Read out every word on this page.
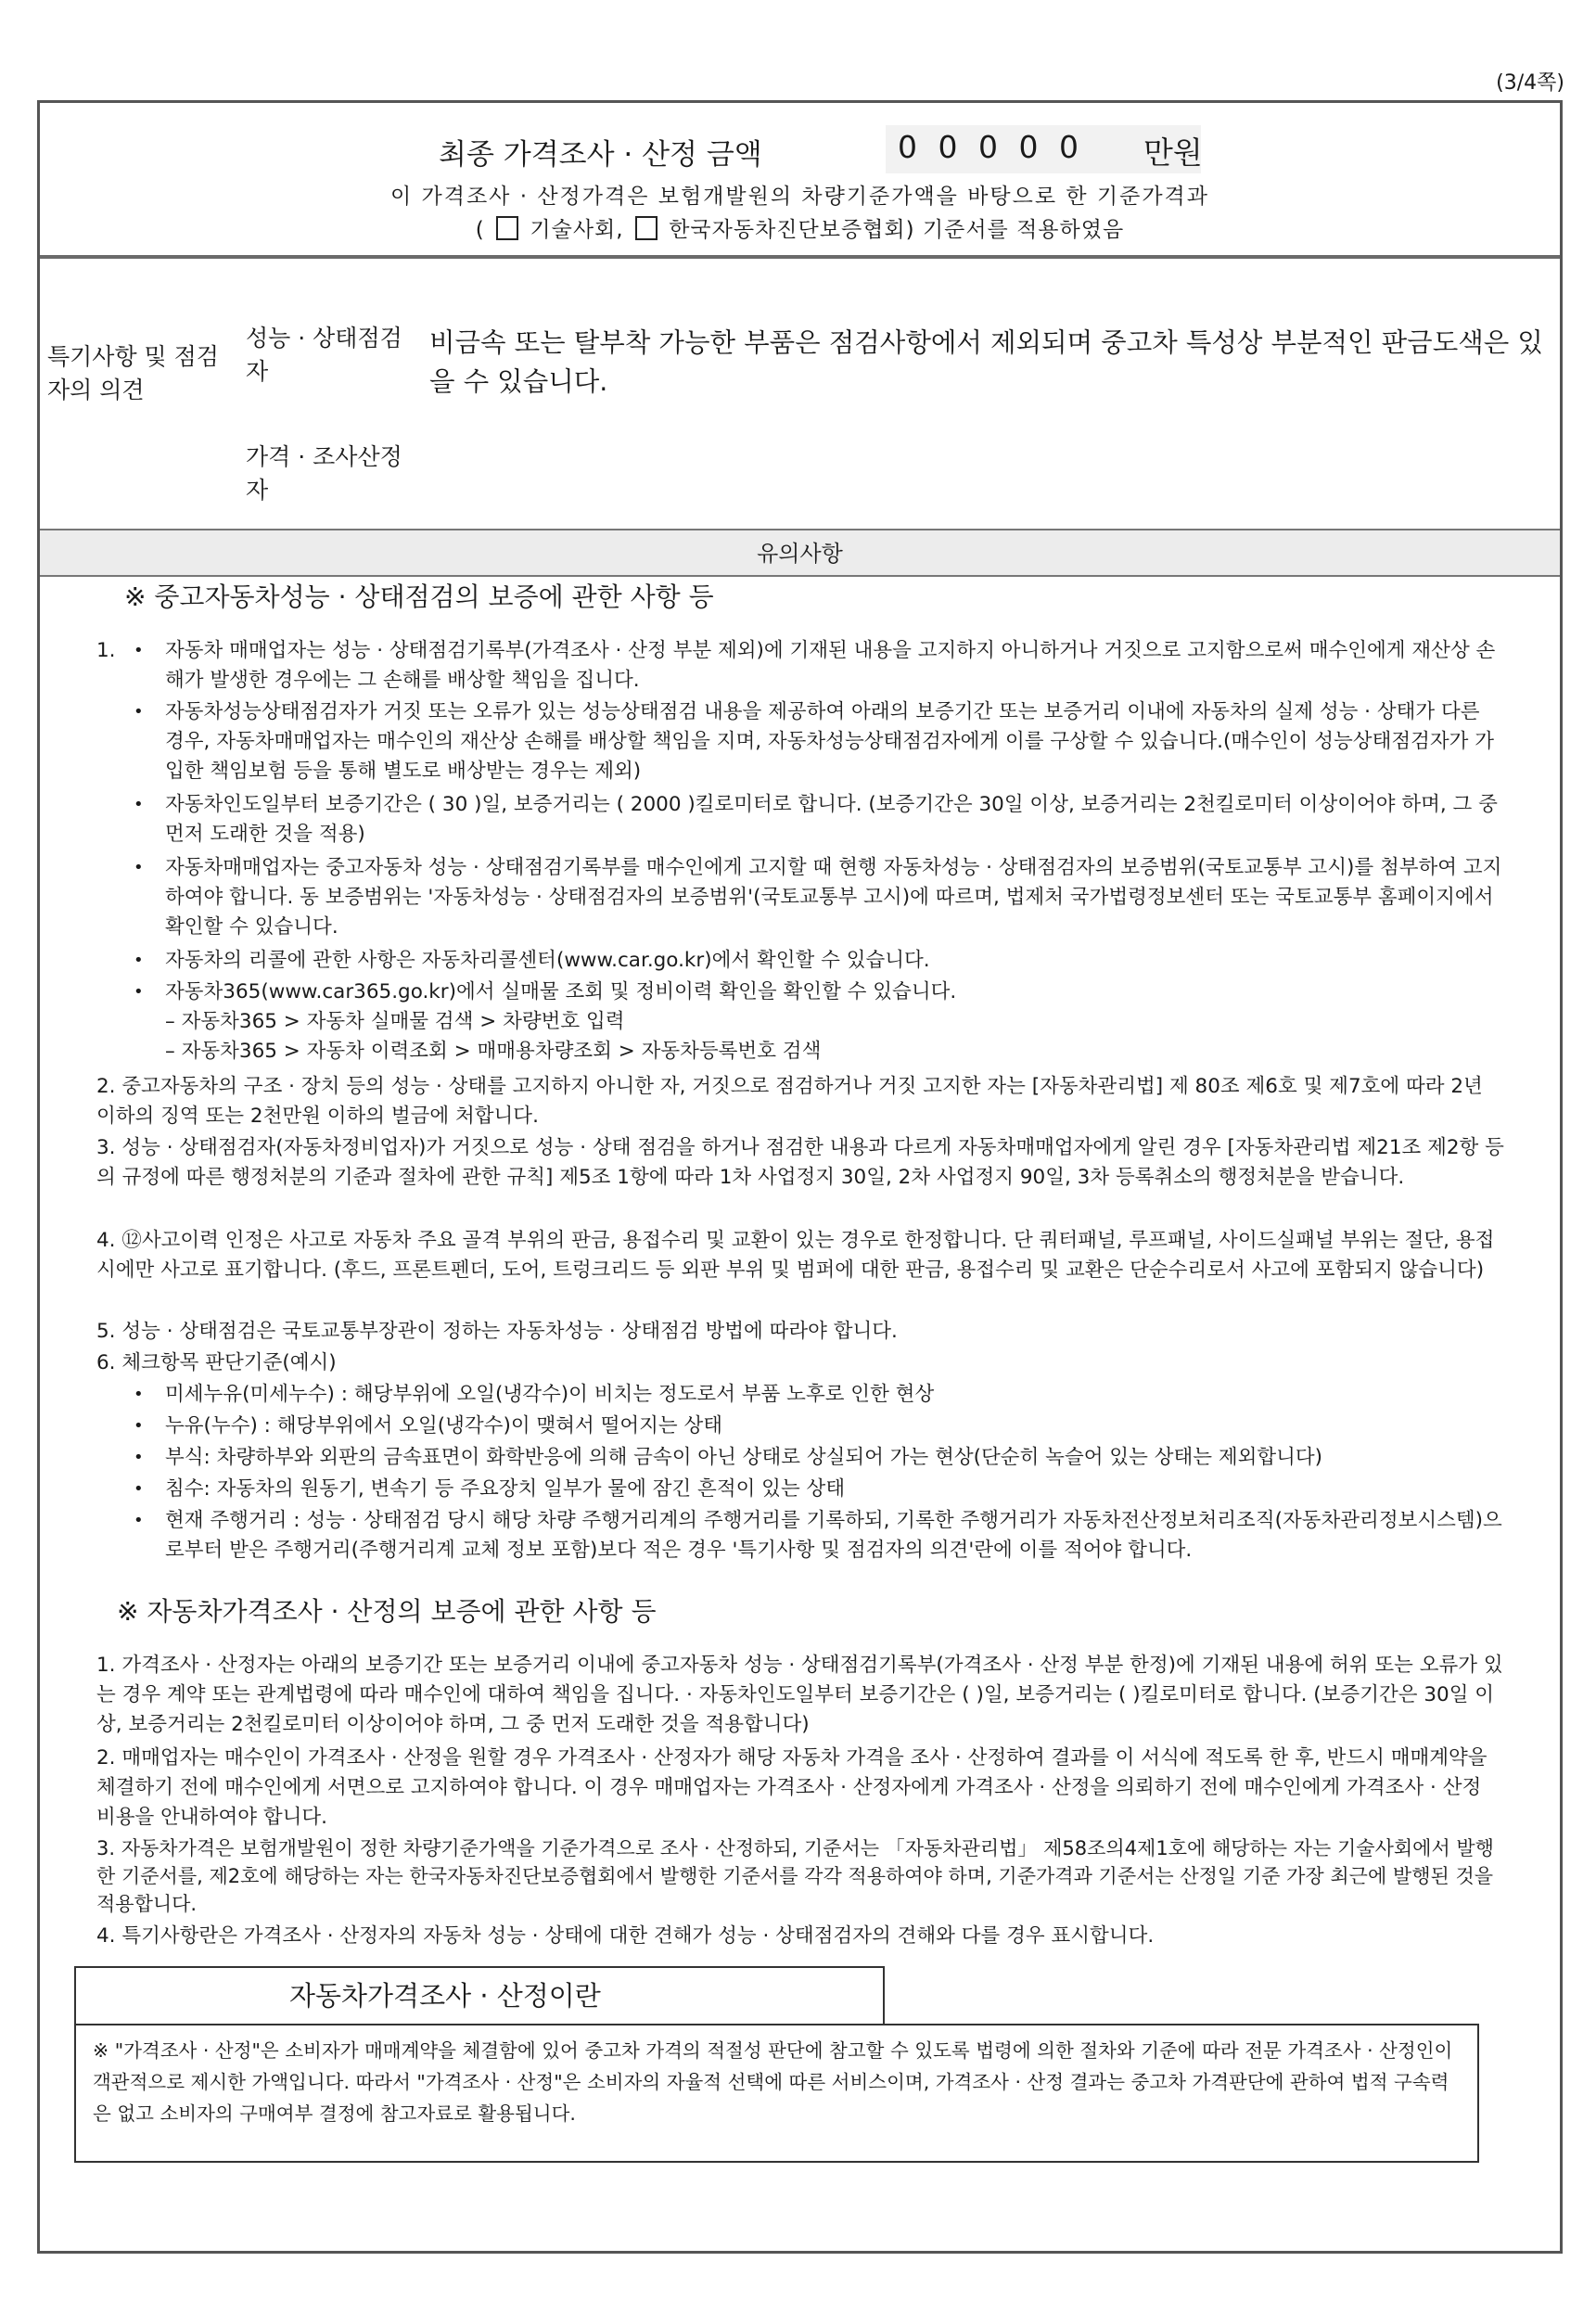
(3/4쪽)
최종 가격조사 · 산정 금액	0 0 0 0 0 만원
이 가격조사 · 산정가격은 보험개발원의 차량기준가액을 바탕으로 한 기준가격과
( 기술사회, 한국자동차진단보증협회) 기준서를 적용하였음
특기사항 및 점검자의 의견
성능 · 상태점검자
비금속 또는 탈부착 가능한 부품은 점검사항에서 제외되며 중고차 특성상 부분적인 판금도색은 있을 수 있습니다.
가격 · 조사산정자
유의사항
※ 중고자동차성능 · 상태점검의 보증에 관한 사항 등
1. • 자동차 매매업자는 성능 · 상태점검기록부(가격조사 · 산정 부분 제외)에 기재된 내용을 고지하지 아니하거나 거짓으로 고지함으로써 매수인에게 재산상 손해가 발생한 경우에는 그 손해를 배상할 책임을 집니다.
• 자동차성능상태점검자가 거짓 또는 오류가 있는 성능상태점검 내용을 제공하여 아래의 보증기간 또는 보증거리 이내에 자동차의 실제 성능 · 상태가 다른 경우, 자동차매매업자는 매수인의 재산상 손해를 배상할 책임을 지며, 자동차성능상태점검자에게 이를 구상할 수 있습니다.(매수인이 성능상태점검자가 가입한 책임보험 등을 통해 별도로 배상받는 경우는 제외)
• 자동차인도일부터 보증기간은 ( 30 )일, 보증거리는 ( 2000 )킬로미터로 합니다. (보증기간은 30일 이상, 보증거리는 2천킬로미터 이상이어야 하며, 그 중 먼저 도래한 것을 적용)
• 자동차매매업자는 중고자동차 성능 · 상태점검기록부를 매수인에게 고지할 때 현행 자동차성능 · 상태점검자의 보증범위(국토교통부 고시)를 첨부하여 고지하여야 합니다. 동 보증범위는 '자동차성능 · 상태점검자의 보증범위'(국토교통부 고시)에 따르며, 법제처 국가법령정보센터 또는 국토교통부 홈페이지에서 확인할 수 있습니다.
• 자동차의 리콜에 관한 사항은 자동차리콜센터(www.car.go.kr)에서 확인할 수 있습니다.
• 자동차365(www.car365.go.kr)에서 실매물 조회 및 정비이력 확인을 확인할 수 있습니다.
– 자동차365 > 자동차 실매물 검색 > 차량번호 입력
– 자동차365 > 자동차 이력조회 > 매매용차량조회 > 자동차등록번호 검색
2. 중고자동차의 구조 · 장치 등의 성능 · 상태를 고지하지 아니한 자, 거짓으로 점검하거나 거짓 고지한 자는 [자동차관리법] 제 80조 제6호 및 제7호에 따라 2년 이하의 징역 또는 2천만원 이하의 벌금에 처합니다.
3. 성능 · 상태점검자(자동차정비업자)가 거짓으로 성능 · 상태 점검을 하거나 점검한 내용과 다르게 자동차매매업자에게 알린 경우 [자동차관리법 제21조 제2항 등의 규정에 따른 행정처분의 기준과 절차에 관한 규칙] 제5조 1항에 따라 1차 사업정지 30일, 2차 사업정지 90일, 3차 등록취소의 행정처분을 받습니다.
4. ⑫사고이력 인정은 사고로 자동차 주요 골격 부위의 판금, 용접수리 및 교환이 있는 경우로 한정합니다. 단 쿼터패널, 루프패널, 사이드실패널 부위는 절단, 용접 시에만 사고로 표기합니다. (후드, 프론트펜더, 도어, 트렁크리드 등 외판 부위 및 범퍼에 대한 판금, 용접수리 및 교환은 단순수리로서 사고에 포함되지 않습니다)
5. 성능 · 상태점검은 국토교통부장관이 정하는 자동차성능 · 상태점검 방법에 따라야 합니다.
6. 체크항목 판단기준(예시)
• 미세누유(미세누수) : 해당부위에 오일(냉각수)이 비치는 정도로서 부품 노후로 인한 현상
• 누유(누수) : 해당부위에서 오일(냉각수)이 맺혀서 떨어지는 상태
• 부식: 차량하부와 외판의 금속표면이 화학반응에 의해 금속이 아닌 상태로 상실되어 가는 현상(단순히 녹슬어 있는 상태는 제외합니다)
• 침수: 자동차의 원동기, 변속기 등 주요장치 일부가 물에 잠긴 흔적이 있는 상태
• 현재 주행거리 : 성능 · 상태점검 당시 해당 차량 주행거리계의 주행거리를 기록하되, 기록한 주행거리가 자동차전산정보처리조직(자동차관리정보시스템)으로부터 받은 주행거리(주행거리계 교체 정보 포함)보다 적은 경우 '특기사항 및 점검자의 의견'란에 이를 적어야 합니다.
※ 자동차가격조사 · 산정의 보증에 관한 사항 등
1. 가격조사 · 산정자는 아래의 보증기간 또는 보증거리 이내에 중고자동차 성능 · 상태점검기록부(가격조사 · 산정 부분 한정)에 기재된 내용에 허위 또는 오류가 있는 경우 계약 또는 관계법령에 따라 매수인에 대하여 책임을 집니다. · 자동차인도일부터 보증기간은 ( )일, 보증거리는 ( )킬로미터로 합니다. (보증기간은 30일 이상, 보증거리는 2천킬로미터 이상이어야 하며, 그 중 먼저 도래한 것을 적용합니다)
2. 매매업자는 매수인이 가격조사 · 산정을 원할 경우 가격조사 · 산정자가 해당 자동차 가격을 조사 · 산정하여 결과를 이 서식에 적도록 한 후, 반드시 매매계약을 체결하기 전에 매수인에게 서면으로 고지하여야 합니다. 이 경우 매매업자는 가격조사 · 산정자에게 가격조사 · 산정을 의뢰하기 전에 매수인에게 가격조사 · 산정 비용을 안내하여야 합니다.
3. 자동차가격은 보험개발원이 정한 차량기준가액을 기준가격으로 조사 · 산정하되, 기준서는 「자동차관리법」 제58조의4제1호에 해당하는 자는 기술사회에서 발행한 기준서를, 제2호에 해당하는 자는 한국자동차진단보증협회에서 발행한 기준서를 각각 적용하여야 하며, 기준가격과 기준서는 산정일 기준 가장 최근에 발행된 것을 적용합니다.
자동차가격조사 · 산정이란
※ "가격조사 · 산정"은 소비자가 매매계약을 체결함에 있어 중고차 가격의 적절성 판단에 참고할 수 있도록 법령에 의한 절차와 기준에 따라 전문 가격조사 · 산정인이 객관적으로 제시한 가액입니다. 따라서 "가격조사 · 산정"은 소비자의 자율적 선택에 따른 서비스이며, 가격조사 · 산정 결과는 중고차 가격판단에 관하여 법적 구속력은 없고 소비자의 구매여부 결정에 참고자료로 활용됩니다.
4. 특기사항란은 가격조사 · 산정자의 자동차 성능 · 상태에 대한 견해가 성능 · 상태점검자의 견해와 다를 경우 표시합니다.
